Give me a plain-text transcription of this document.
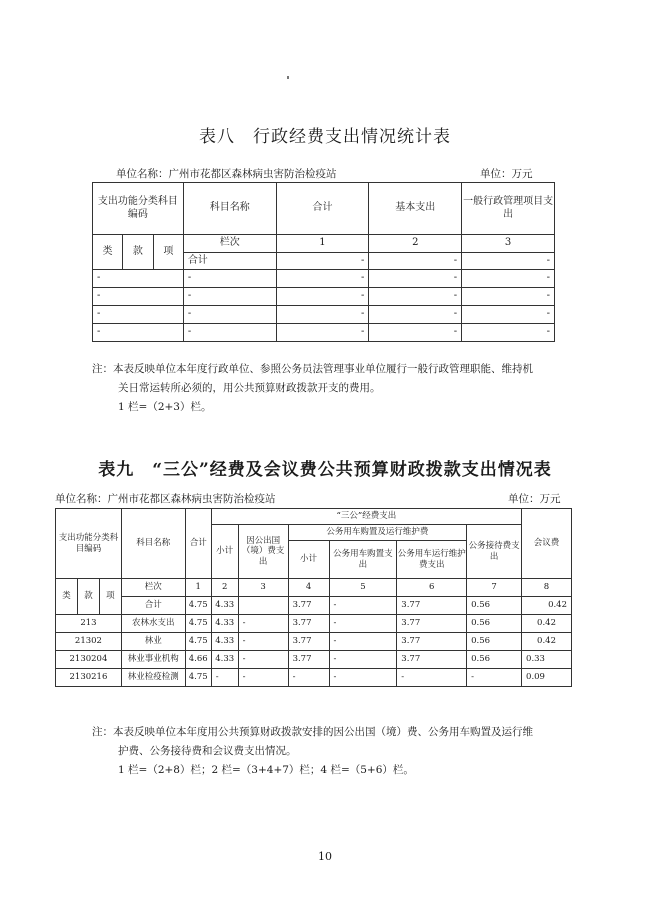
表八　行政经费支出情况统计表
单位名称：广州市花都区森林病虫害防治检疫站	单位：万元
支出功能分类科目编码			科目名称	合计	基本支出	一般行政管理项目支出
类	款	项	栏次	1	2	3
			合计	-	-	-
-			-	-	-	-
-			-	-	-	-
-			-	-	-	-
-			-	-	-	-
注：本表反映单位本年度行政单位、参照公务员法管理事业单位履行一般行政管理职能、维持机
关日常运转所必须的，用公共预算财政拨款开支的费用。
1 栏=（2+3）栏。
表九　“三公”经费及会议费公共预算财政拨款支出情况表
单位名称：广州市花都区森林病虫害防治检疫站	单位：万元
支出功能分类科目编码			科目名称	合计	“三公”经费支出						会议费
					小计	因公出国（境）费支出	公务用车购置及运行维护费			公务接待费支出	
							小计	公务用车购置支出	公务用车运行维护费支出		
类	款	项	栏次	1	2	3	4	5	6	7	8
			合计	4.75	4.33		3.77	-	3.77	0.56	0.42
213			农林水支出	4.75	4.33	-	3.77	-	3.77	0.56	0.42
21302			林业	4.75	4.33	-	3.77	-	3.77	0.56	0.42
2130204			林业事业机构	4.66	4.33	-	3.77	-	3.77	0.56	0.33
2130216			林业检疫检测	4.75	-	-	-	-	-	-	0.09
注：本表反映单位本年度用公共预算财政拨款安排的因公出国（境）费、公务用车购置及运行维
护费、公务接待费和会议费支出情况。
1 栏=（2+8）栏；2 栏=（3+4+7）栏；4 栏=（5+6）栏。
10
